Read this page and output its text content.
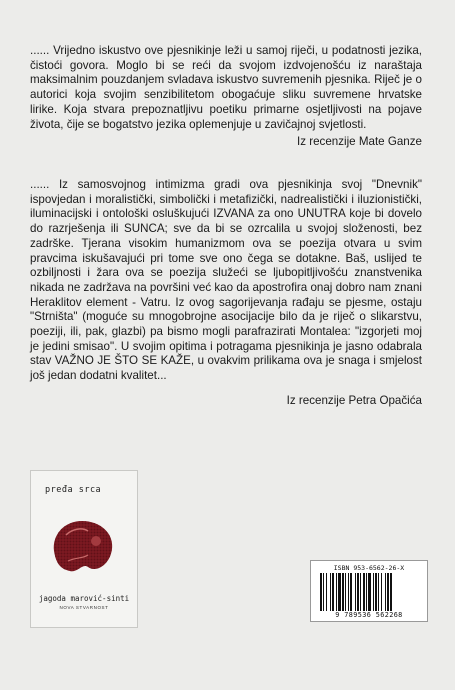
...... Vrijedno iskustvo ove pjesnikinje leži u samoj riječi, u podatnosti jezika, čistoći govora. Moglo bi se reći da svojom izdvojenošću iz naraštaja maksimalnim pouzdanjem svladava iskustvo suvremenih pjesnika. Riječ je o autorici koja svojim senzibilitetom obogaćuje sliku suvremene hrvatske lirike. Koja stvara prepoznatljivu poetiku primarne osjetljivosti na pojave života, čije se bogatstvo jezika oplemenjuje u zavičajnoj svjetlosti.

Iz recenzije Mate Ganze

...... Iz samosvojnog intimizma gradi ova pjesnikinja svoj "Dnevnik" ispovjedan i moralistički, simbolički i metafizički, nadrealistički i iluzionistički, iluminacijski i ontološki osluškujući IZVANA za ono UNUTRA koje bi dovelo do razrješenja ili SUNCA; sve da bi se ozrcalila u svojoj složenosti, bez zadrške. Tjerana visokim humanizmom ova se poezija otvara u svim pravcima iskušavajući pri tome sve ono čega se dotakne. Baš, uslijed te ozbiljnosti i žara ova se poezija služeći se ljubopitljivošću znanstvenika nikada ne zadržava na površini već kao da apostrofira onaj dobro nam znani Heraklitov element - Vatru. Iz ovog sagorijevanja rađaju se pjesme, ostaju "Strništa" (moguće su mnogobrojne asocijacije bilo da je riječ o slikarstvu, poeziji, ili, pak, glazbi) pa bismo mogli parafrazirati Montalea: "izgorjeti moj je jedini smisao". U svojim opitima i potragama pjesnikinja je jasno odabrala stav VAŽNO JE ŠTO SE KAŽE, u ovakvim prilikama ova je snaga i smjelost još jedan dodatni kvalitet...

Iz recenzije Petra Opačića

pređa srca
jagoda marović-sinti
NOVA STVARNOST
ISBN 953-6562-26-X
9 789536 562268
